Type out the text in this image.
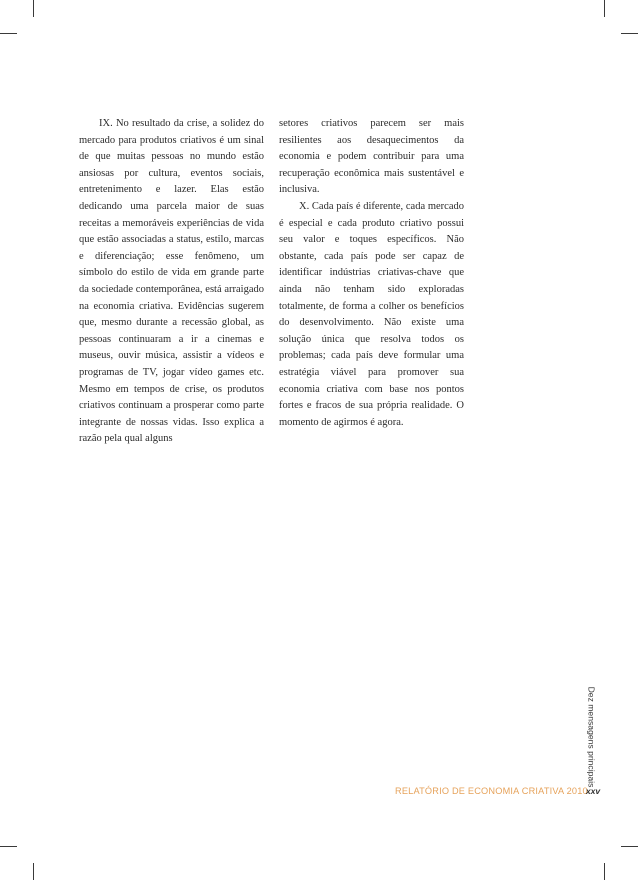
IX. No resultado da crise, a solidez do mercado para produtos criativos é um sinal de que muitas pessoas no mundo estão ansiosas por cultura, eventos sociais, entretenimento e lazer. Elas estão dedicando uma parcela maior de suas receitas a memoráveis experiências de vida que estão associadas a status, estilo, marcas e diferenciação; esse fenômeno, um símbolo do estilo de vida em grande parte da sociedade contemporânea, está arraigado na economia criativa. Evidências sugerem que, mesmo durante a recessão global, as pessoas continuaram a ir a cinemas e museus, ouvir música, assistir a vídeos e programas de TV, jogar vídeo games etc. Mesmo em tempos de crise, os produtos criativos continuam a prosperar como parte integrante de nossas vidas. Isso explica a razão pela qual alguns

setores criativos parecem ser mais resilientes aos desaquecimentos da economia e podem contribuir para uma recuperação econômica mais sustentável e inclusiva.

X. Cada país é diferente, cada mercado é especial e cada produto criativo possui seu valor e toques específicos. Não obstante, cada país pode ser capaz de identificar indústrias criativas-chave que ainda não tenham sido exploradas totalmente, de forma a colher os benefícios do desenvolvimento. Não existe uma solução única que resolva todos os problemas; cada país deve formular uma estratégia viável para promover sua economia criativa com base nos pontos fortes e fracos de sua própria realidade. O momento de agirmos é agora.

Dez mensagens principais
RELATÓRIO DE ECONOMIA CRIATIVA 2010
xxv
